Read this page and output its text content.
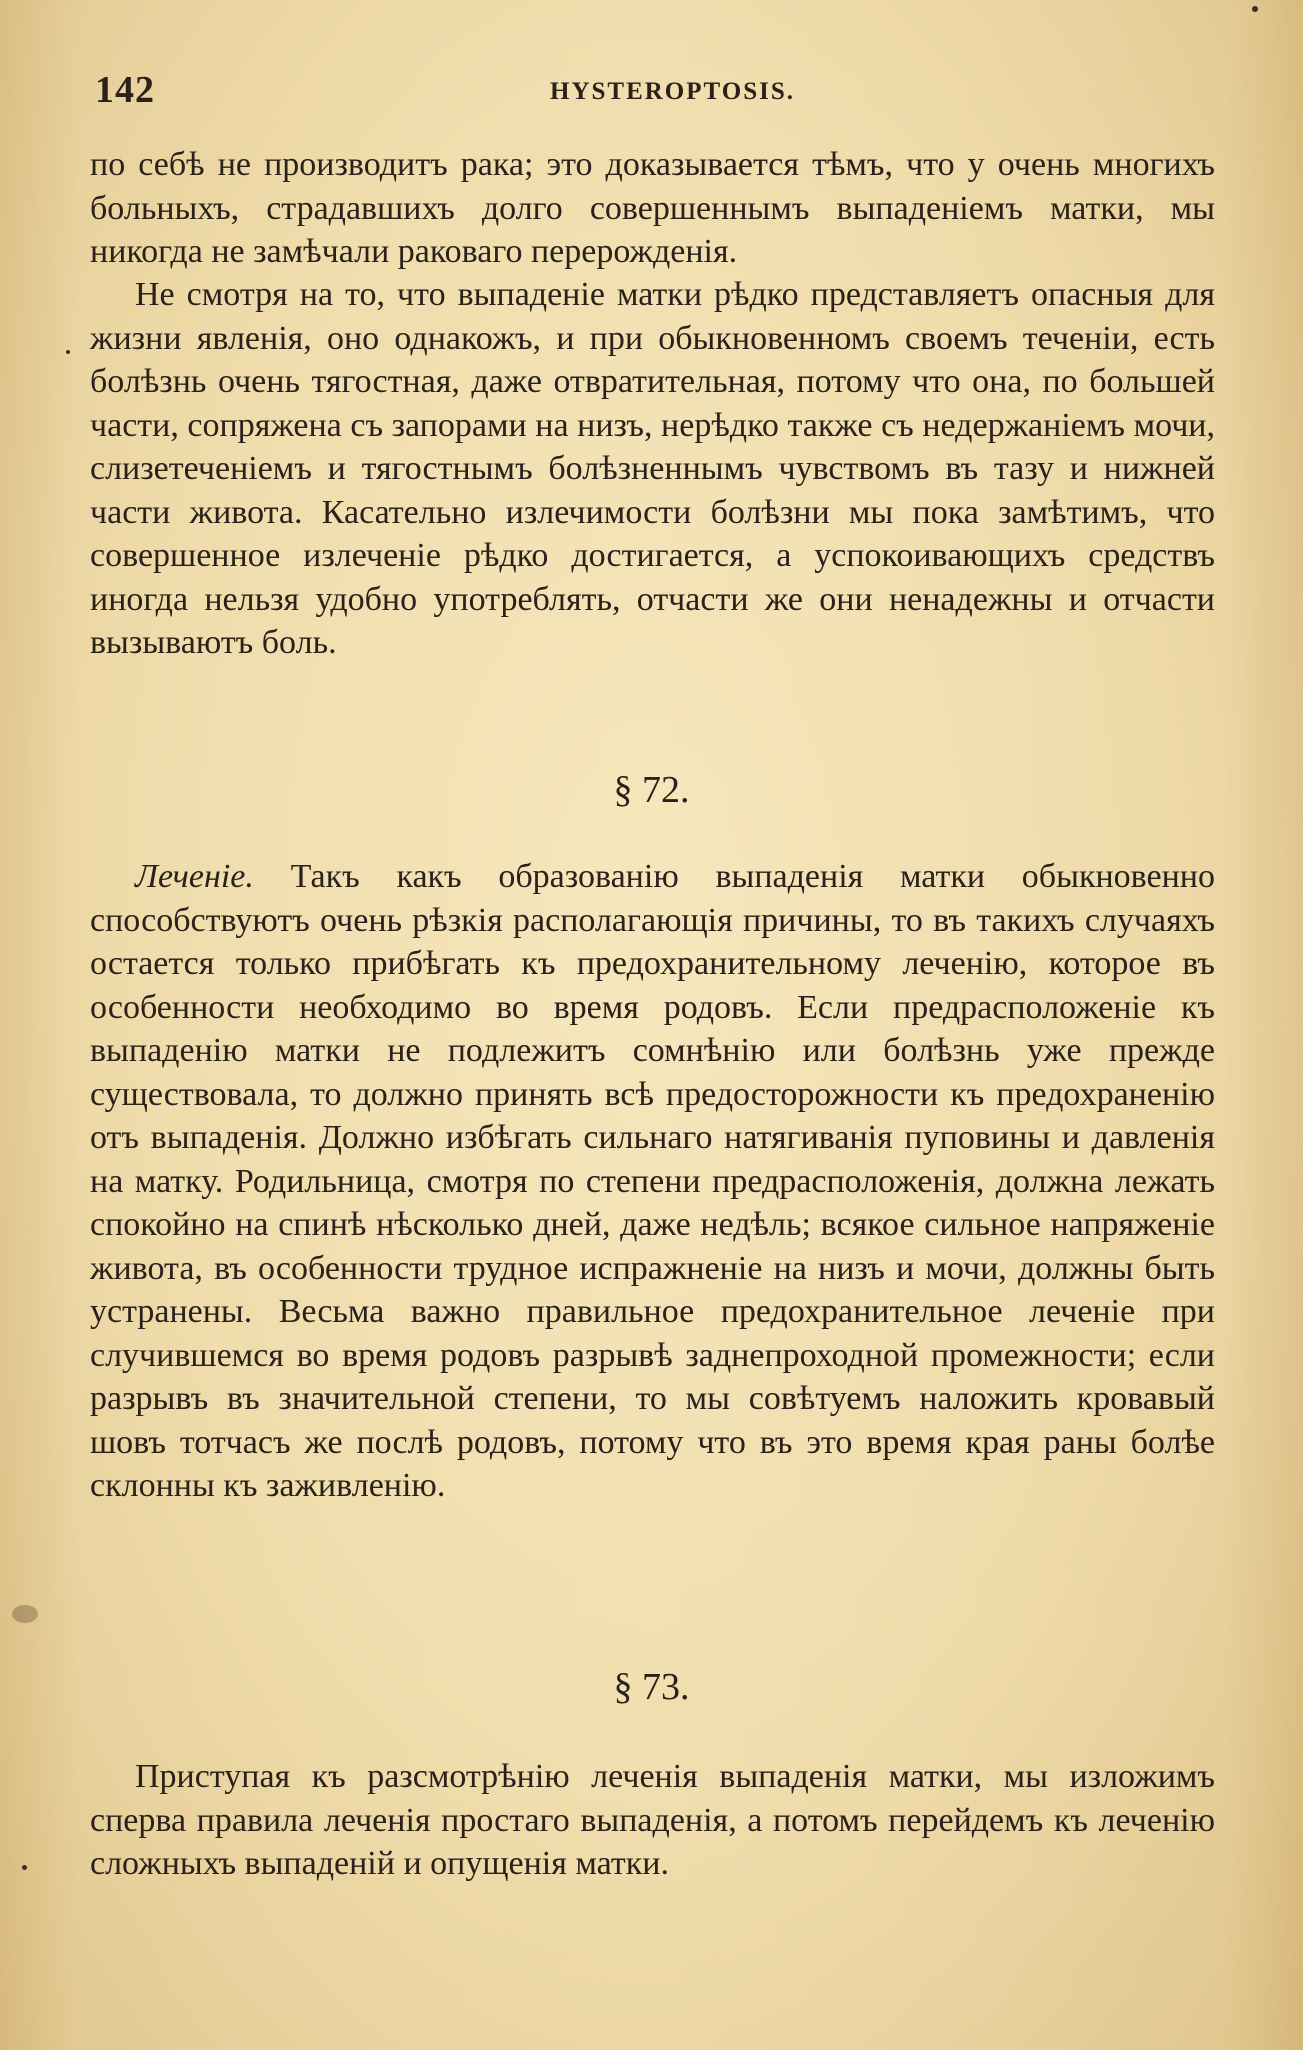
142	HYSTEROPTOSIS.

по себѣ не производитъ рака; это доказывается тѣмъ, что у очень многихъ больныхъ, страдавшихъ долго совершеннымъ выпаденіемъ матки, мы никогда не замѣчали раковаго перерожденія.

Не смотря на то, что выпаденіе матки рѣдко представляетъ опасныя для жизни явленія, оно однакожъ, и при обыкновенномъ своемъ теченіи, есть болѣзнь очень тягостная, даже отвратительная, потому что она, по большей части, сопряжена съ запорами на низъ, нерѣдко также съ недержаніемъ мочи, слизетеченіемъ и тягостнымъ болѣзненнымъ чувствомъ въ тазу и нижней части живота. Касательно излечимости болѣзни мы пока замѣтимъ, что совершенное излеченіе рѣдко достигается, а успокоивающихъ средствъ иногда нельзя удобно употреблять, отчасти же они ненадежны и отчасти вызываютъ боль.

§ 72.

Леченіе. Такъ какъ образованію выпаденія матки обыкновенно способствуютъ очень рѣзкія располагающія причины, то въ такихъ случаяхъ остается только прибѣгать къ предохранительному леченію, которое въ особенности необходимо во время родовъ. Если предрасположеніе къ выпаденію матки не подлежитъ сомнѣнію или болѣзнь уже прежде существовала, то должно принять всѣ предосторожности къ предохраненію отъ выпаденія. Должно избѣгать сильнаго натягиванія пуповины и давленія на матку. Родильница, смотря по степени предрасположенія, должна лежать спокойно на спинѣ нѣсколько дней, даже недѣль; всякое сильное напряженіе живота, въ особенности трудное испражненіе на низъ и мочи, должны быть устранены. Весьма важно правильное предохранительное леченіе при случившемся во время родовъ разрывѣ заднепроходной промежности; если разрывъ въ значительной степени, то мы совѣтуемъ наложить кровавый шовъ тотчасъ же послѣ родовъ, потому что въ это время края раны болѣе склонны къ заживленію.

§ 73.

Приступая къ разсмотрѣнію леченія выпаденія матки, мы изложимъ сперва правила леченія простаго выпаденія, а потомъ перейдемъ къ леченію сложныхъ выпаденій и опущенія матки.
